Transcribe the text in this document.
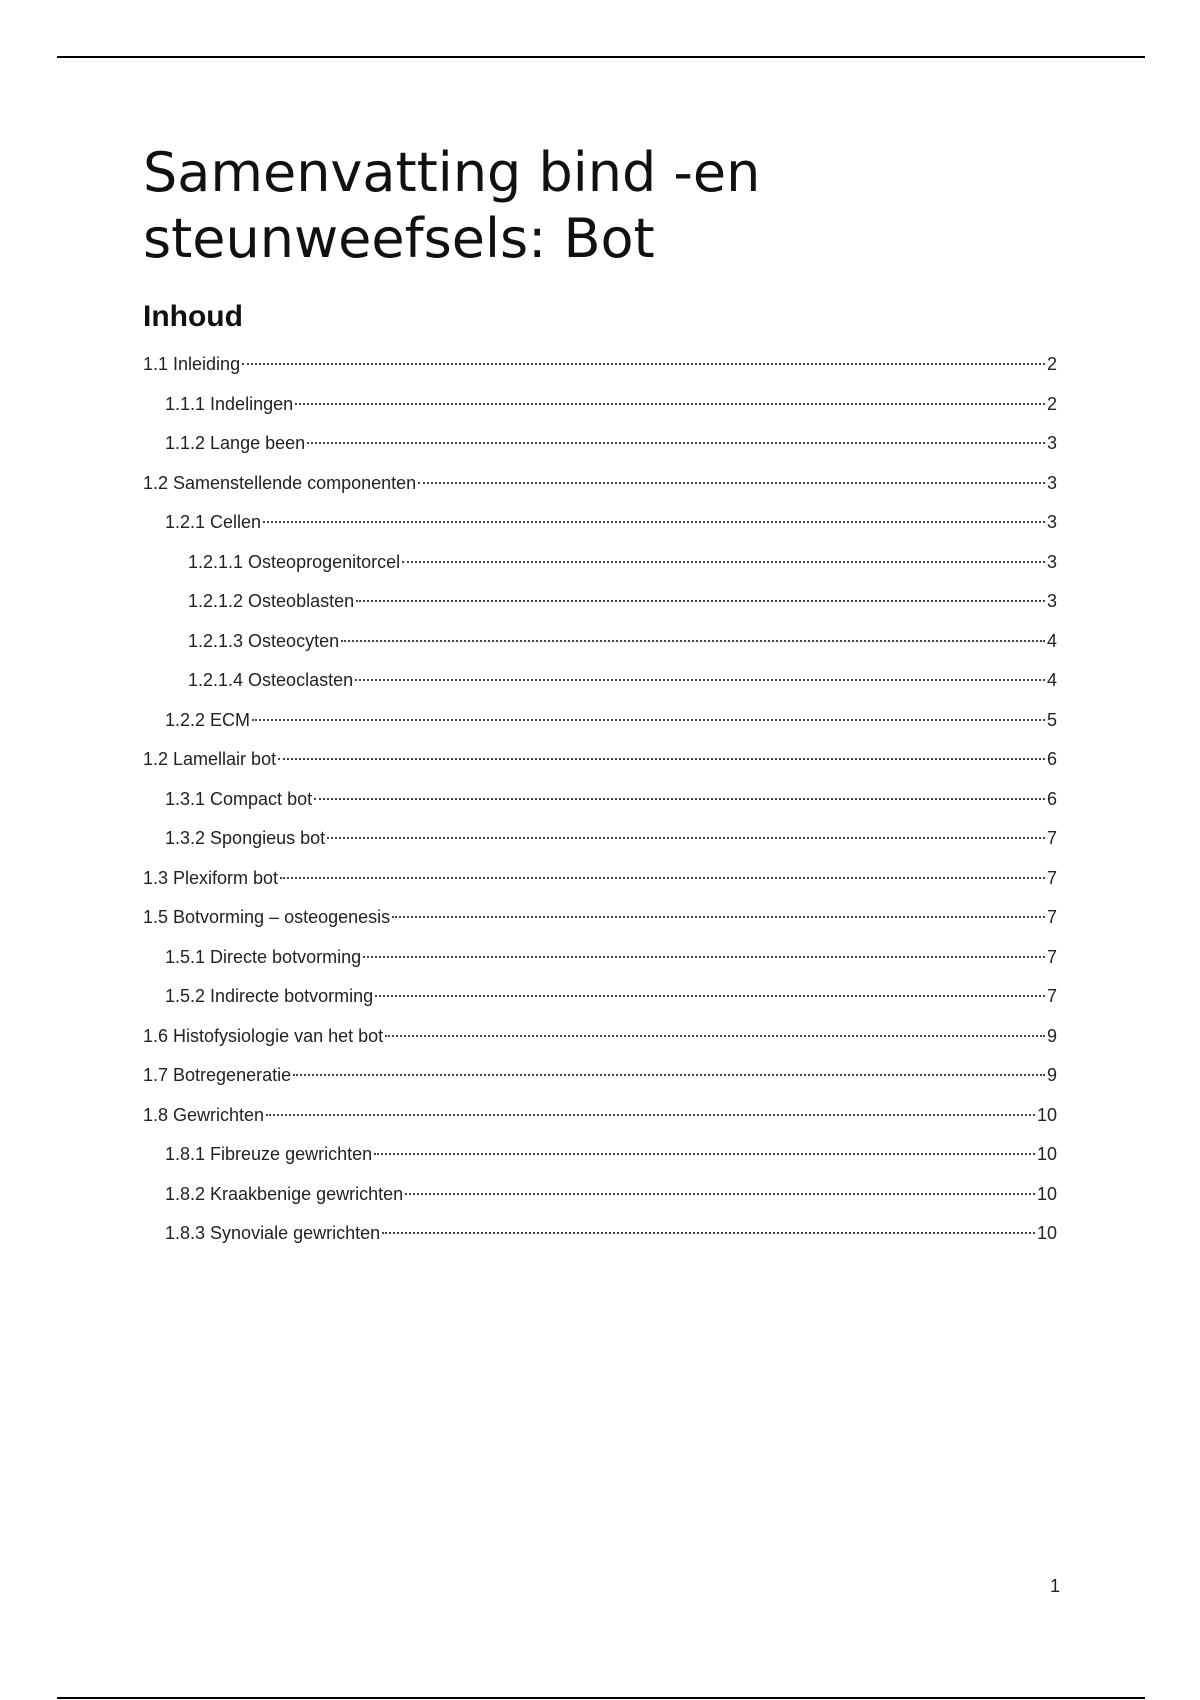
Samenvatting bind -en
steunweefsels: Bot
Inhoud
1.1 Inleiding	2
1.1.1 Indelingen	2
1.1.2 Lange been	3
1.2 Samenstellende componenten	3
1.2.1 Cellen	3
1.2.1.1 Osteoprogenitorcel	3
1.2.1.2 Osteoblasten	3
1.2.1.3 Osteocyten	4
1.2.1.4 Osteoclasten	4
1.2.2 ECM	5
1.2 Lamellair bot	6
1.3.1 Compact bot	6
1.3.2 Spongieus bot	7
1.3 Plexiform bot	7
1.5 Botvorming – osteogenesis	7
1.5.1 Directe botvorming	7
1.5.2 Indirecte botvorming	7
1.6 Histofysiologie van het bot	9
1.7 Botregeneratie	9
1.8 Gewrichten	10
1.8.1 Fibreuze gewrichten	10
1.8.2 Kraakbenige gewrichten	10
1.8.3 Synoviale gewrichten	10
1
